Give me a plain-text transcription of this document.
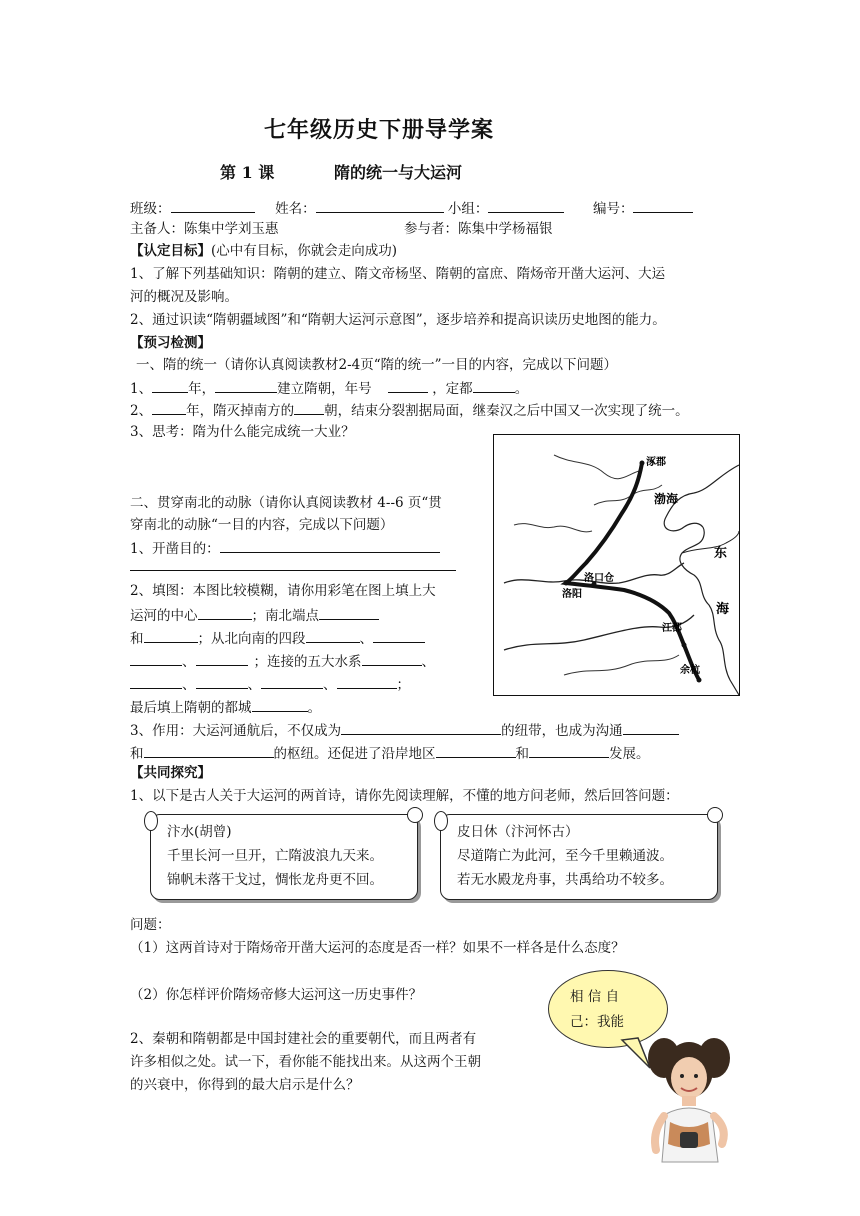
七年级历史下册导学案
第 1 课	隋的统一与大运河
班级：	姓名：	小组：	编号：
主备人：陈集中学刘玉惠	参与者：陈集中学杨福银
【认定目标】(心中有目标，你就会走向成功)
1、了解下列基础知识：隋朝的建立、隋文帝杨坚、隋朝的富庶、隋炀帝开凿大运河、大运
河的概况及影响。
2、通过识读“隋朝疆域图”和“隋朝大运河示意图”，逐步培养和提高识读历史地图的能力。
【预习检测】
一、隋的统一（请你认真阅读教材2-4页“隋的统一”一目的内容，完成以下问题）
1、	年，	建立隋朝，年号	，定都	。
2、	年，隋灭掉南方的 朝，结束分裂割据局面，继秦汉之后中国又一次实现了统一。
3、思考：隋为什么能完成统一大业？
二、贯穿南北的动脉（请你认真阅读教材 4--6 页“贯
穿南北的动脉“一目的内容，完成以下问题）
1、开凿目的：
2、填图：本图比较模糊，请你用彩笔在图上填上大
运河的中心	；南北端点
和	；从北向南的四段	、
、	；连接的五大水系	、
、	、	、	；
最后填上隋朝的都城	。
3、作用：大运河通航后，不仅成为	的纽带，也成为沟通
和	的枢纽。还促进了沿岸地区	和	发展。
涿郡
渤海
东
海
洛阳
洛口仓
江都
余杭
【共同探究】
1、以下是古人关于大运河的两首诗，请你先阅读理解，不懂的地方问老师，然后回答问题：
汴水(胡曾)
千里长河一旦开，亡隋波浪九天来。
锦帆未落干戈过，惆怅龙舟更不回。
皮日休（汴河怀古）
尽道隋亡为此河，至今千里赖通波。
若无水殿龙舟事，共禹给功不较多。
问题：
（1）这两首诗对于隋炀帝开凿大运河的态度是否一样？如果不一样各是什么态度？
（2）你怎样评价隋炀帝修大运河这一历史事件？
2、秦朝和隋朝都是中国封建社会的重要朝代，而且两者有
许多相似之处。试一下，看你能不能找出来。从这两个王朝
的兴衰中，你得到的最大启示是什么？
相 信 自
己：我能
